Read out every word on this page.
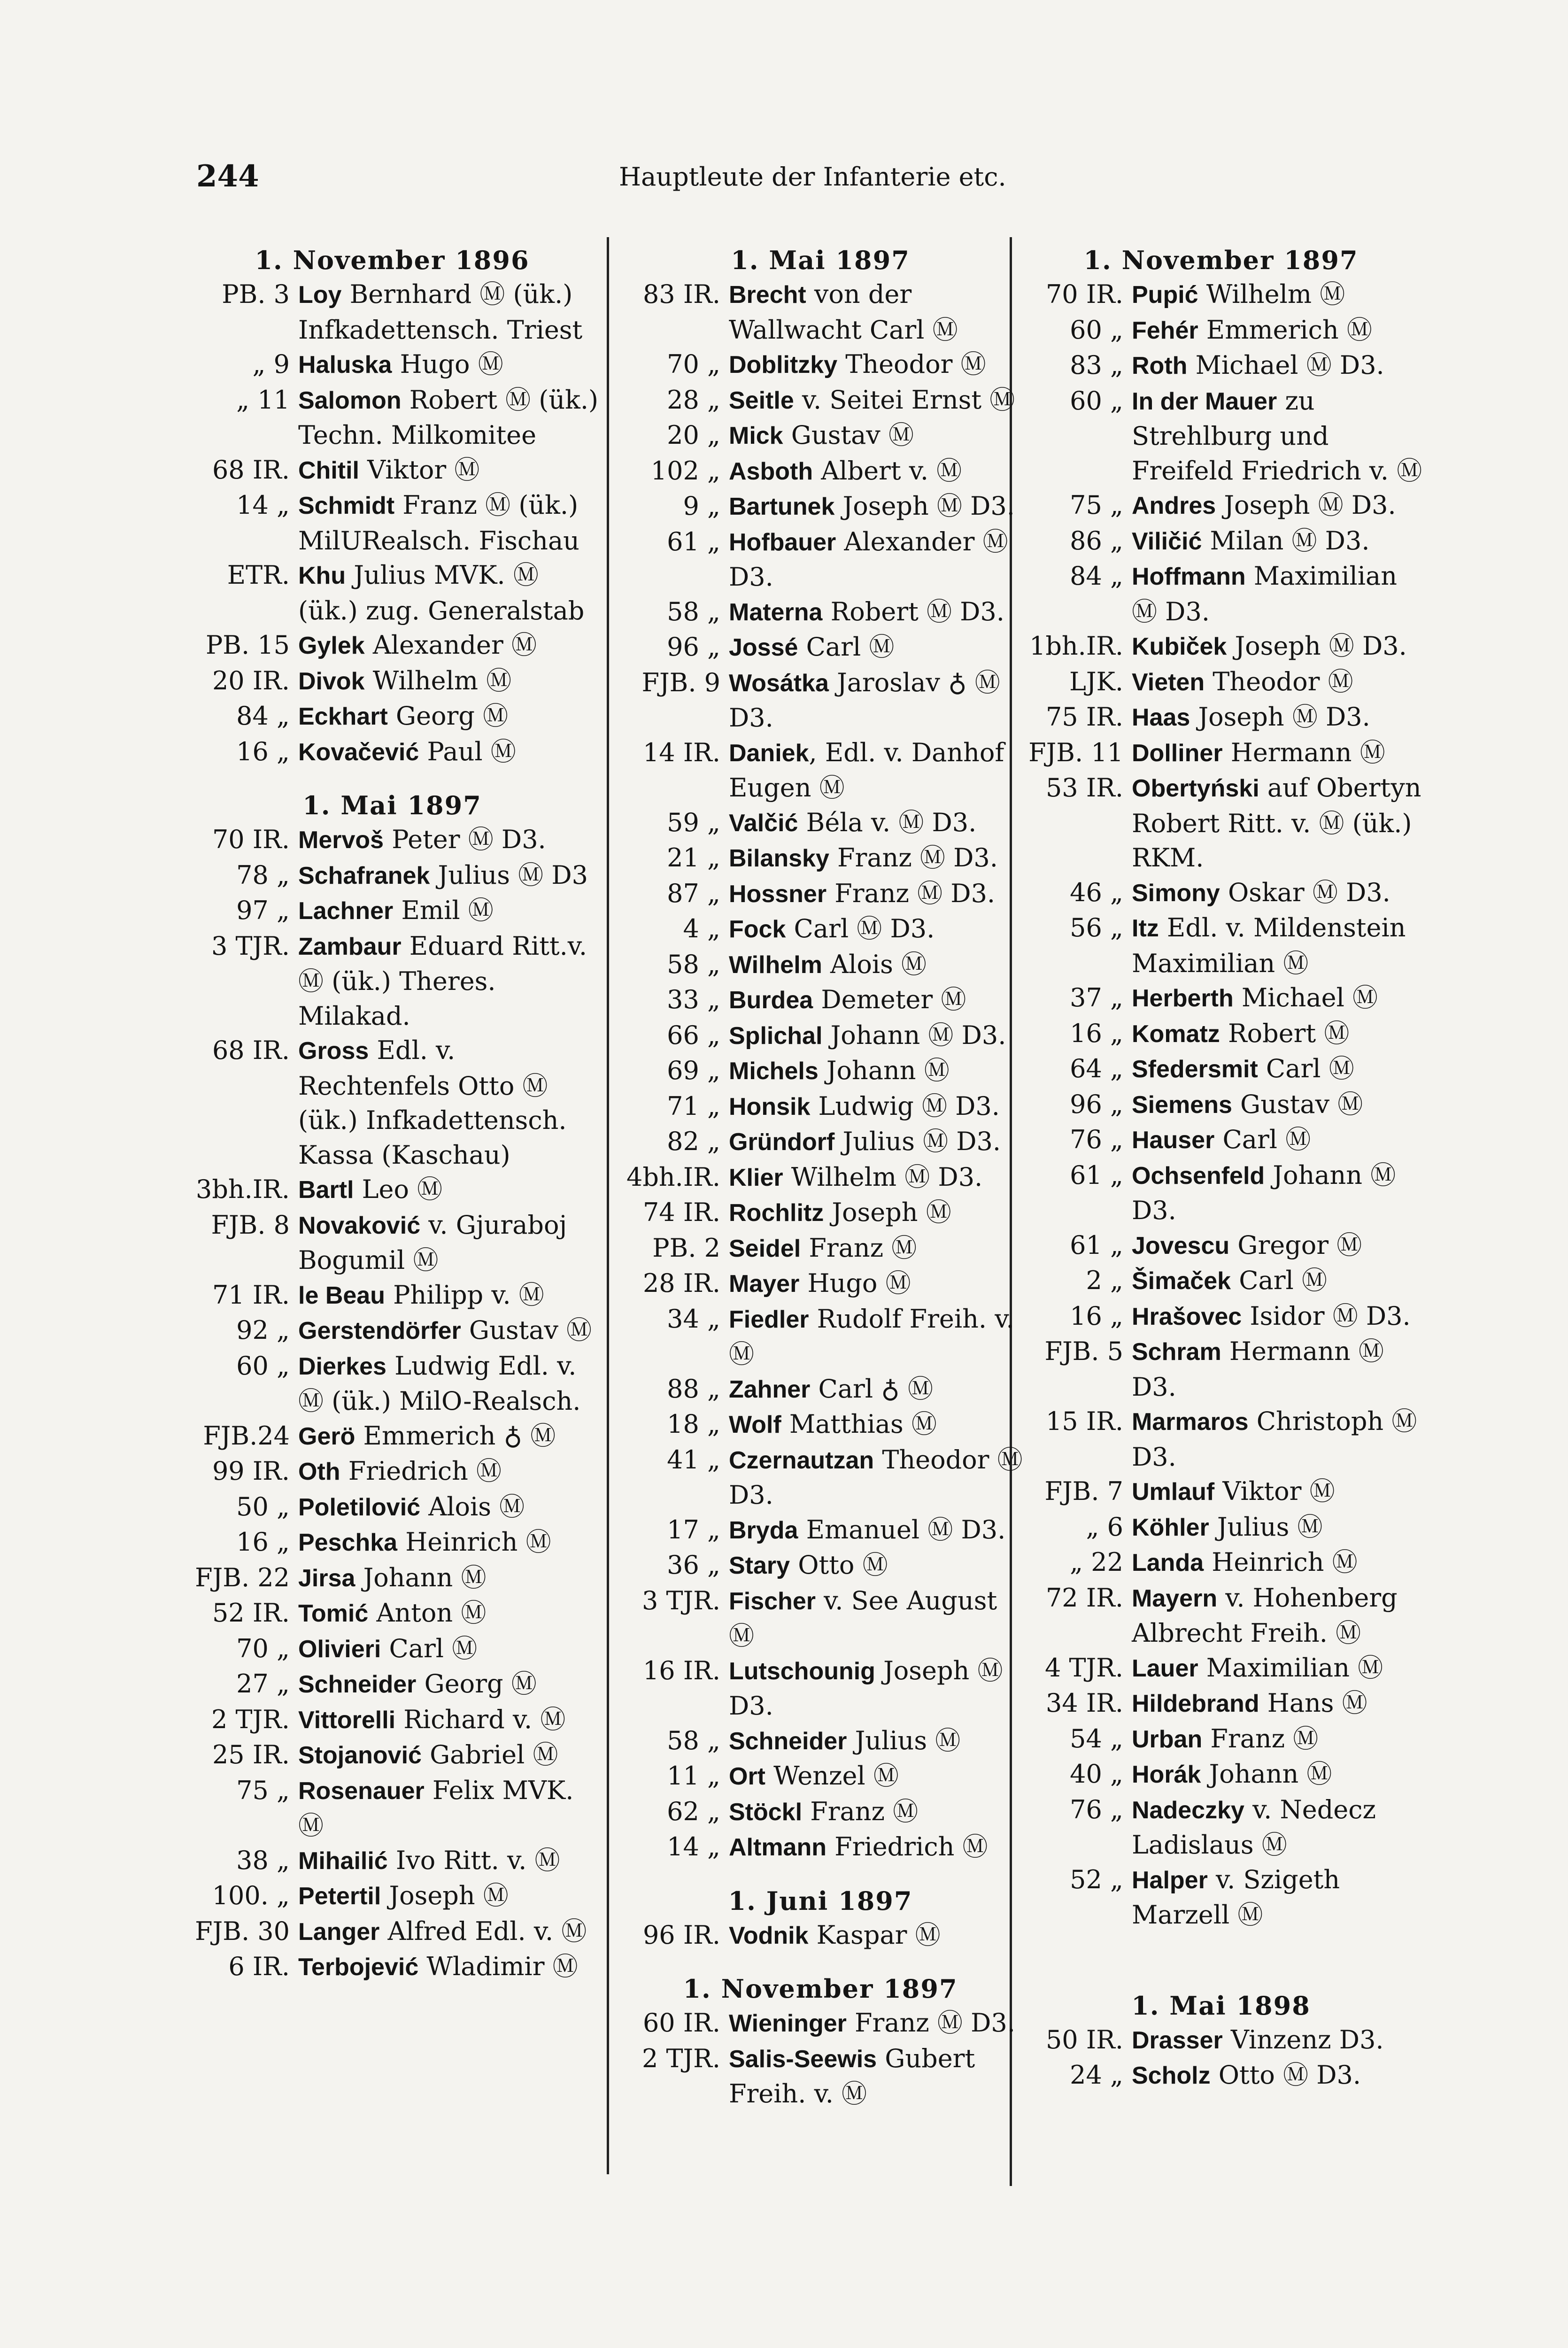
244	Hauptleute der Infanterie etc.
1. November 1896
PB. 3 Loy Bernhard Ⓜ (ük.) Infkadettensch. Triest
„ 9 Haluska Hugo Ⓜ
„ 11 Salomon Robert Ⓜ (ük.) Techn. Milkomitee
68 IR. Chitil Viktor Ⓜ
14 „ Schmidt Franz Ⓜ (ük.) MilURealsch. Fischau
ETR. Khu Julius MVK. Ⓜ (ük.) zug. Generalstab
PB. 15 Gylek Alexander Ⓜ
20 IR. Divok Wilhelm Ⓜ
84 „ Eckhart Georg Ⓜ
16 „ Kovačević Paul Ⓜ
1. Mai 1897
70 IR. Mervoš Peter Ⓜ D3.
78 „ Schafranek Julius Ⓜ D3
97 „ Lachner Emil Ⓜ
3 TJR. Zambaur Eduard Ritt.v. Ⓜ (ük.) Theres. Milakad.
68 IR. Gross Edl. v. Rechtenfels Otto Ⓜ (ük.) Infkadettensch. Kassa (Kaschau)
3bh.IR. Bartl Leo Ⓜ
FJB. 8 Novaković v. Gjuraboj Bogumil Ⓜ
71 IR. le Beau Philipp v. Ⓜ
92 „ Gerstendörfer Gustav Ⓜ
60 „ Dierkes Ludwig Edl. v. Ⓜ (ük.) MilO-Realsch.
FJB.24 Gerö Emmerich ♁ Ⓜ
99 IR. Oth Friedrich Ⓜ
50 „ Poletilović Alois Ⓜ
16 „ Peschka Heinrich Ⓜ
FJB. 22 Jirsa Johann Ⓜ
52 IR. Tomić Anton Ⓜ
70 „ Olivieri Carl Ⓜ
27 „ Schneider Georg Ⓜ
2 TJR. Vittorelli Richard v. Ⓜ
25 IR. Stojanović Gabriel Ⓜ
75 „ Rosenauer Felix MVK. Ⓜ
38 „ Mihailić Ivo Ritt. v. Ⓜ
100. „ Petertil Joseph Ⓜ
FJB. 30 Langer Alfred Edl. v. Ⓜ
6 IR. Terbojević Wladimir Ⓜ
1. Mai 1897
83 IR. Brecht von der Wallwacht Carl Ⓜ
70 „ Doblitzky Theodor Ⓜ
28 „ Seitle v. Seitei Ernst Ⓜ
20 „ Mick Gustav Ⓜ
102 „ Asboth Albert v. Ⓜ
9 „ Bartunek Joseph Ⓜ D3.
61 „ Hofbauer Alexander Ⓜ D3.
58 „ Materna Robert Ⓜ D3.
96 „ Jossé Carl Ⓜ
FJB. 9 Wosátka Jaroslav ♁ Ⓜ D3.
14 IR. Daniek, Edl. v. Danhof Eugen Ⓜ
59 „ Valčić Béla v. Ⓜ D3.
21 „ Bilansky Franz Ⓜ D3.
87 „ Hossner Franz Ⓜ D3.
4 „ Fock Carl Ⓜ D3.
58 „ Wilhelm Alois Ⓜ
33 „ Burdea Demeter Ⓜ
66 „ Splichal Johann Ⓜ D3.
69 „ Michels Johann Ⓜ
71 „ Honsik Ludwig Ⓜ D3.
82 „ Gründorf Julius Ⓜ D3.
4bh.IR. Klier Wilhelm Ⓜ D3.
74 IR. Rochlitz Joseph Ⓜ
PB. 2 Seidel Franz Ⓜ
28 IR. Mayer Hugo Ⓜ
34 „ Fiedler Rudolf Freih. v. Ⓜ
88 „ Zahner Carl ♁ Ⓜ
18 „ Wolf Matthias Ⓜ
41 „ Czernautzan Theodor Ⓜ D3.
17 „ Bryda Emanuel Ⓜ D3.
36 „ Stary Otto Ⓜ
3 TJR. Fischer v. See August Ⓜ
16 IR. Lutschounig Joseph Ⓜ D3.
58 „ Schneider Julius Ⓜ
11 „ Ort Wenzel Ⓜ
62 „ Stöckl Franz Ⓜ
14 „ Altmann Friedrich Ⓜ
1. Juni 1897
96 IR. Vodnik Kaspar Ⓜ
1. November 1897
60 IR. Wieninger Franz Ⓜ D3.
2 TJR. Salis-Seewis Gubert Freih. v. Ⓜ
1. November 1897
70 IR. Pupić Wilhelm Ⓜ
60 „ Fehér Emmerich Ⓜ
83 „ Roth Michael Ⓜ D3.
60 „ In der Mauer zu Strehlburg und Freifeld Friedrich v. Ⓜ
75 „ Andres Joseph Ⓜ D3.
86 „ Viličić Milan Ⓜ D3.
84 „ Hoffmann Maximilian Ⓜ D3.
1bh.IR. Kubiček Joseph Ⓜ D3.
LJK. Vieten Theodor Ⓜ
75 IR. Haas Joseph Ⓜ D3.
FJB. 11 Dolliner Hermann Ⓜ
53 IR. Obertyński auf Obertyn Robert Ritt. v. Ⓜ (ük.) RKM.
46 „ Simony Oskar Ⓜ D3.
56 „ Itz Edl. v. Mildenstein Maximilian Ⓜ
37 „ Herberth Michael Ⓜ
16 „ Komatz Robert Ⓜ
64 „ Sfedersmit Carl Ⓜ
96 „ Siemens Gustav Ⓜ
76 „ Hauser Carl Ⓜ
61 „ Ochsenfeld Johann Ⓜ D3.
61 „ Jovescu Gregor Ⓜ
2 „ Šimaček Carl Ⓜ
16 „ Hrašovec Isidor Ⓜ D3.
FJB. 5 Schram Hermann Ⓜ D3.
15 IR. Marmaros Christoph Ⓜ D3.
FJB. 7 Umlauf Viktor Ⓜ
„ 6 Köhler Julius Ⓜ
„ 22 Landa Heinrich Ⓜ
72 IR. Mayern v. Hohenberg Albrecht Freih. Ⓜ
4 TJR. Lauer Maximilian Ⓜ
34 IR. Hildebrand Hans Ⓜ
54 „ Urban Franz Ⓜ
40 „ Horák Johann Ⓜ
76 „ Nadeczky v. Nedecz Ladislaus Ⓜ
52 „ Halper v. Szigeth Marzell Ⓜ
1. Mai 1898
50 IR. Drasser Vinzenz D3.
24 „ Scholz Otto Ⓜ D3.
